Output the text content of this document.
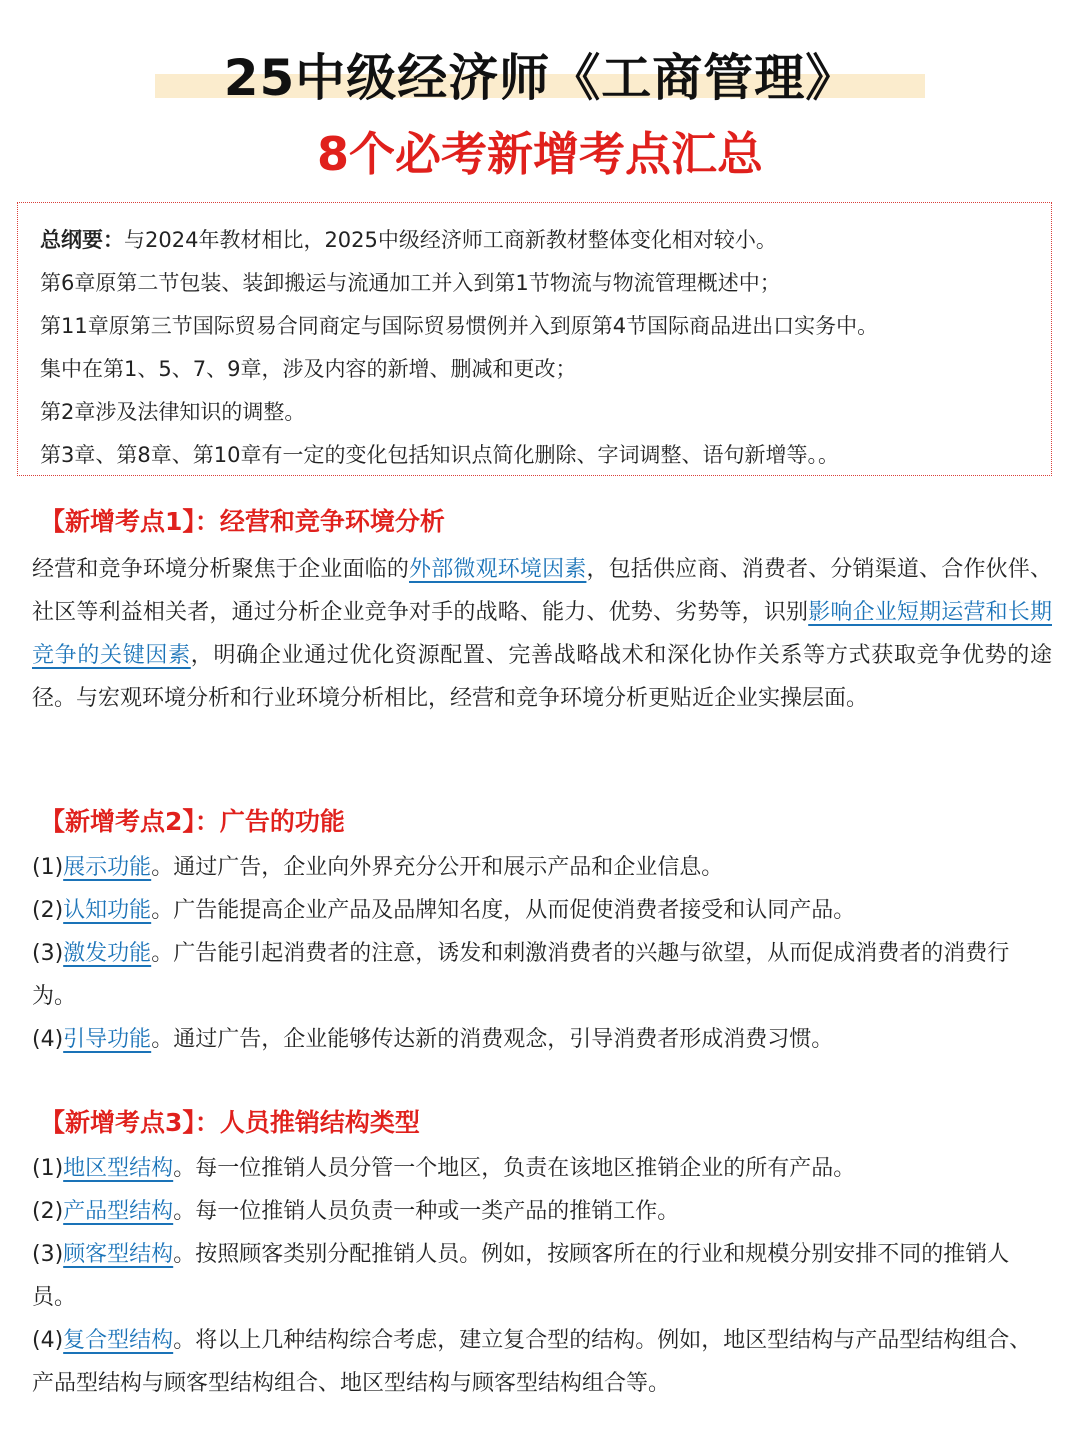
25中级经济师《工商管理》
8个必考新增考点汇总
总纲要：与2024年教材相比，2025中级经济师工商新教材整体变化相对较小。
第6章原第二节包装、装卸搬运与流通加工并入到第1节物流与物流管理概述中；
第11章原第三节国际贸易合同商定与国际贸易惯例并入到原第4节国际商品进出口实务中。
集中在第1、5、7、9章，涉及内容的新增、删减和更改；
第2章涉及法律知识的调整。
第3章、第8章、第10章有一定的变化包括知识点简化删除、字词调整、语句新增等。。
【新增考点1】：经营和竞争环境分析
经营和竞争环境分析聚焦于企业面临的外部微观环境因素，包括供应商、消费者、分销渠道、合作伙伴、社区等利益相关者，通过分析企业竞争对手的战略、能力、优势、劣势等，识别影响企业短期运营和长期竞争的关键因素，明确企业通过优化资源配置、完善战略战术和深化协作关系等方式获取竞争优势的途径。与宏观环境分析和行业环境分析相比，经营和竞争环境分析更贴近企业实操层面。
【新增考点2】：广告的功能
(1)展示功能。通过广告，企业向外界充分公开和展示产品和企业信息。
(2)认知功能。广告能提高企业产品及品牌知名度，从而促使消费者接受和认同产品。
(3)激发功能。广告能引起消费者的注意，诱发和刺激消费者的兴趣与欲望，从而促成消费者的消费行为。
(4)引导功能。通过广告，企业能够传达新的消费观念，引导消费者形成消费习惯。
【新增考点3】：人员推销结构类型
(1)地区型结构。每一位推销人员分管一个地区，负责在该地区推销企业的所有产品。
(2)产品型结构。每一位推销人员负责一种或一类产品的推销工作。
(3)顾客型结构。按照顾客类别分配推销人员。例如，按顾客所在的行业和规模分别安排不同的推销人员。
(4)复合型结构。将以上几种结构综合考虑，建立复合型的结构。例如，地区型结构与产品型结构组合、产品型结构与顾客型结构组合、地区型结构与顾客型结构组合等。
